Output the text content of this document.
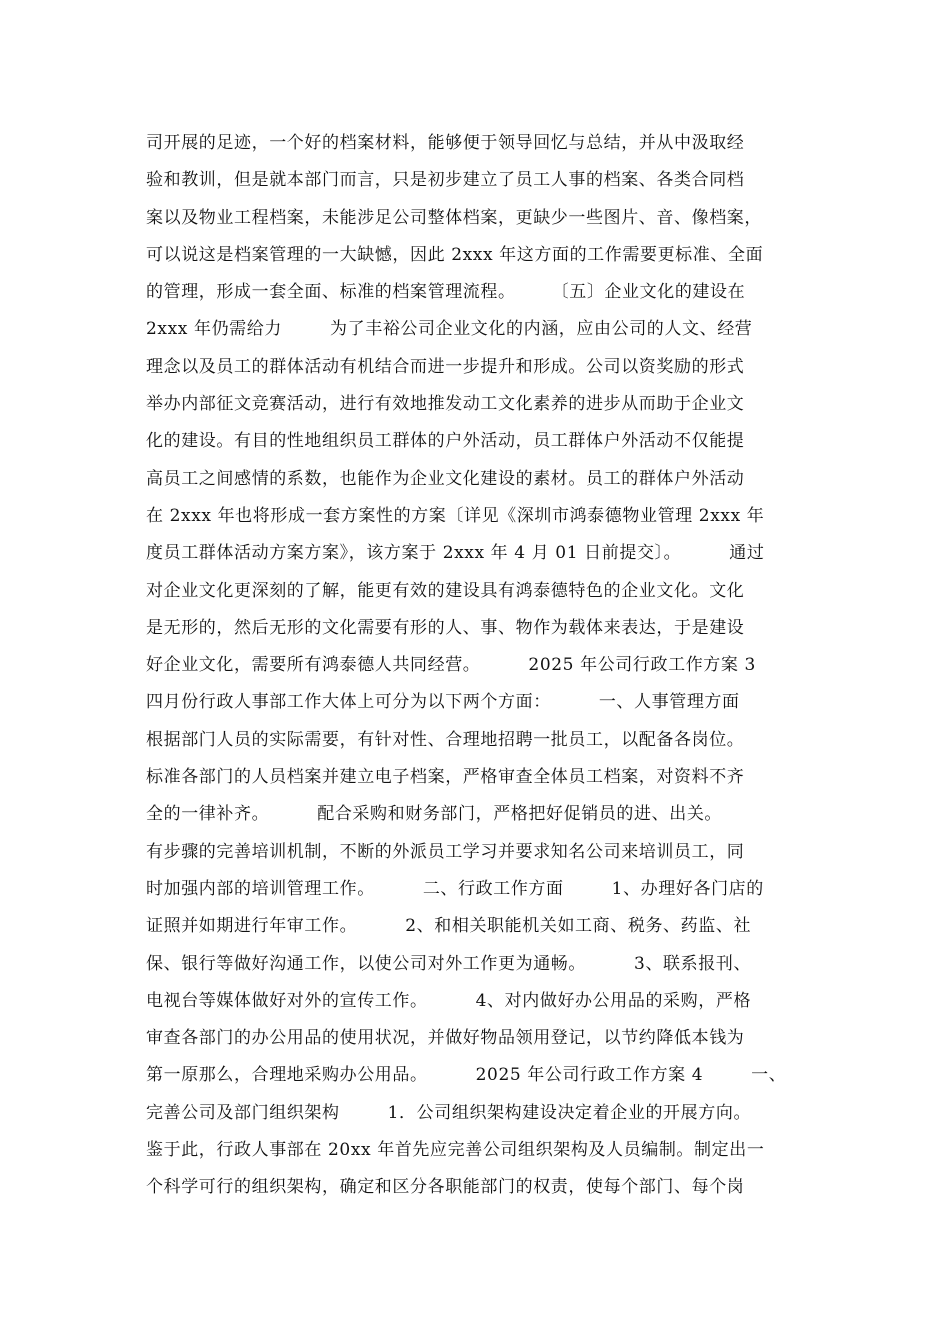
司开展的足迹，一个好的档案材料，能够便于领导回忆与总结，并从中汲取经
验和教训，但是就本部门而言，只是初步建立了员工人事的档案、各类合同档
案以及物业工程档案，未能涉足公司整体档案，更缺少一些图片、音、像档案，
可以说这是档案管理的一大缺憾，因此 2xxx 年这方面的工作需要更标准、全面
的管理，形成一套全面、标准的档案管理流程。      〔五〕企业文化的建设在
2xxx 年仍需给力        为了丰裕公司企业文化的内涵，应由公司的人文、经营
理念以及员工的群体活动有机结合而进一步提升和形成。公司以资奖励的形式
举办内部征文竞赛活动，进行有效地推发动工文化素养的进步从而助于企业文
化的建设。有目的性地组织员工群体的户外活动，员工群体户外活动不仅能提
高员工之间感情的系数，也能作为企业文化建设的素材。员工的群体户外活动
在 2xxx 年也将形成一套方案性的方案〔详见《深圳市鸿泰德物业管理 2xxx 年
度员工群体活动方案方案》，该方案于 2xxx 年 4 月 01 日前提交〕。        通过
对企业文化更深刻的了解，能更有效的建设具有鸿泰德特色的企业文化。文化
是无形的，然后无形的文化需要有形的人、事、物作为载体来表达，于是建设
好企业文化，需要所有鸿泰德人共同经营。        2025 年公司行政工作方案 3
四月份行政人事部工作大体上可分为以下两个方面：        一、人事管理方面
根据部门人员的实际需要，有针对性、合理地招聘一批员工，以配备各岗位。
标准各部门的人员档案并建立电子档案，严格审查全体员工档案，对资料不齐
全的一律补齐。        配合采购和财务部门，严格把好促销员的进、出关。
有步骤的完善培训机制，不断的外派员工学习并要求知名公司来培训员工，同
时加强内部的培训管理工作。        二、行政工作方面        1、办理好各门店的
证照并如期进行年审工作。        2、和相关职能机关如工商、税务、药监、社
保、银行等做好沟通工作，以使公司对外工作更为通畅。        3、联系报刊、
电视台等媒体做好对外的宣传工作。        4、对内做好办公用品的采购，严格
审查各部门的办公用品的使用状况，并做好物品领用登记，以节约降低本钱为
第一原那么，合理地采购办公用品。        2025 年公司行政工作方案 4        一、
完善公司及部门组织架构        1．公司组织架构建设决定着企业的开展方向。
鉴于此，行政人事部在 20xx 年首先应完善公司组织架构及人员编制。制定出一
个科学可行的组织架构，确定和区分各职能部门的权责，使每个部门、每个岗
